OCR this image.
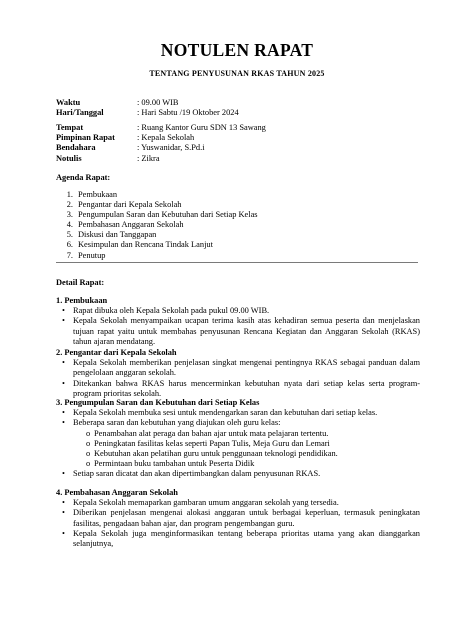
NOTULEN RAPAT
TENTANG PENYUSUNAN RKAS TAHUN 2025
Waktu	: 09.00 WIB
Hari/Tanggal	: Hari Sabtu /19 Oktober 2024
Tempat	: Ruang Kantor Guru SDN 13 Sawang
Pimpinan Rapat	: Kepala Sekolah
Bendahara	: Yuswanidar, S.Pd.i
Notulis	: Zikra
Agenda Rapat:
1. Pembukaan
2. Pengantar dari Kepala Sekolah
3. Pengumpulan Saran dan Kebutuhan dari Setiap Kelas
4. Pembahasan Anggaran Sekolah
5. Diskusi dan Tanggapan
6. Kesimpulan dan Rencana Tindak Lanjut
7. Penutup
Detail Rapat:
1. Pembukaan
• Rapat dibuka oleh Kepala Sekolah pada pukul 09.00 WIB.
• Kepala Sekolah menyampaikan ucapan terima kasih atas kehadiran semua peserta dan menjelaskan tujuan rapat yaitu untuk membahas penyusunan Rencana Kegiatan dan Anggaran Sekolah (RKAS) tahun ajaran mendatang.
2. Pengantar dari Kepala Sekolah
• Kepala Sekolah memberikan penjelasan singkat mengenai pentingnya RKAS sebagai panduan dalam pengelolaan anggaran sekolah.
• Ditekankan bahwa RKAS harus mencerminkan kebutuhan nyata dari setiap kelas serta program-program prioritas sekolah.
3. Pengumpulan Saran dan Kebutuhan dari Setiap Kelas
• Kepala Sekolah membuka sesi untuk mendengarkan saran dan kebutuhan dari setiap kelas.
• Beberapa saran dan kebutuhan yang diajukan oleh guru kelas:
o Penambahan alat peraga dan bahan ajar untuk mata pelajaran tertentu.
o Peningkatan fasilitas kelas seperti Papan Tulis, Meja Guru dan Lemari
o Kebutuhan akan pelatihan guru untuk penggunaan teknologi pendidikan.
o Permintaan buku tambahan untuk Peserta Didik
• Setiap saran dicatat dan akan dipertimbangkan dalam penyusunan RKAS.
4. Pembahasan Anggaran Sekolah
• Kepala Sekolah memaparkan gambaran umum anggaran sekolah yang tersedia.
• Diberikan penjelasan mengenai alokasi anggaran untuk berbagai keperluan, termasuk peningkatan fasilitas, pengadaan bahan ajar, dan program pengembangan guru.
• Kepala Sekolah juga menginformasikan tentang beberapa prioritas utama yang akan dianggarkan selanjutnya,
